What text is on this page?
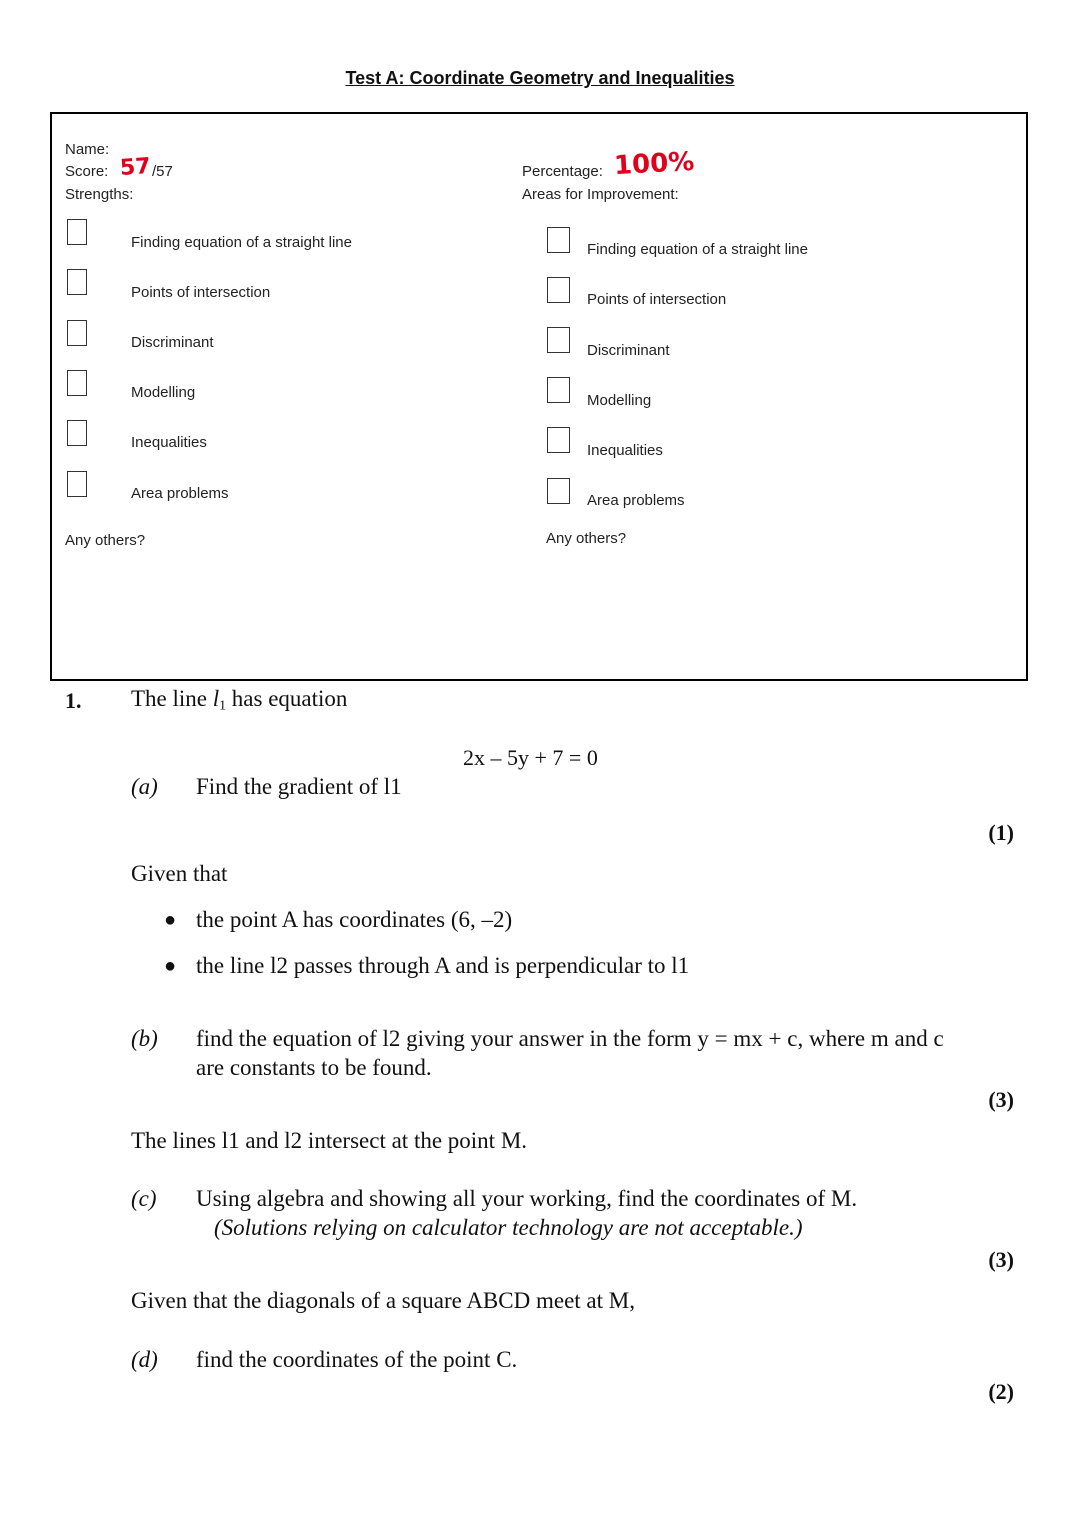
Test A: Coordinate Geometry and Inequalities
Name:
Score: 57 /57
Strengths:
Percentage: 100%
Areas for Improvement:
Finding equation of a straight line
Points of intersection
Discriminant
Modelling
Inequalities
Area problems
Any others?
Finding equation of a straight line
Points of intersection
Discriminant
Modelling
Inequalities
Area problems
Any others?
1. The line $l_1$ has equation
2x – 5y + 7 = 0
(a) Find the gradient of l1
(1)
Given that
● the point A has coordinates (6, –2)
● the line l2 passes through A and is perpendicular to l1
(b) find the equation of l2 giving your answer in the form y = mx + c, where m and c
are constants to be found.
(3)
The lines l1 and l2 intersect at the point M.
(c) Using algebra and showing all your working, find the coordinates of M.
(Solutions relying on calculator technology are not acceptable.)
(3)
Given that the diagonals of a square ABCD meet at M,
(d) find the coordinates of the point C.
(2)
